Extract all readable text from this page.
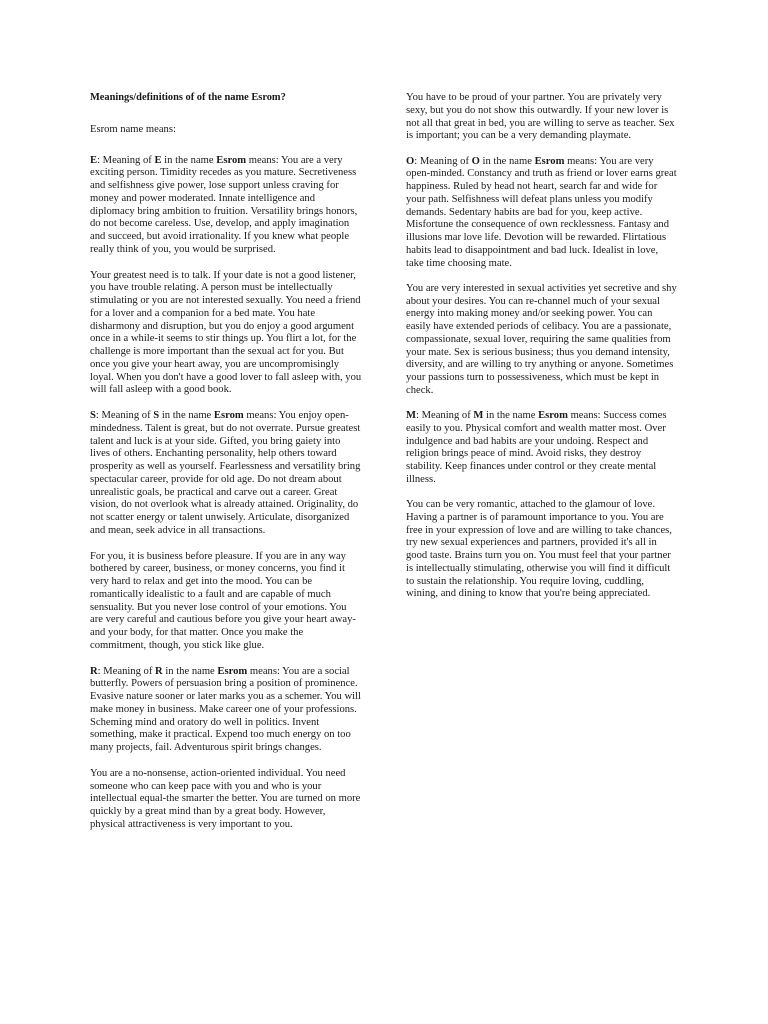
Meanings/definitions of of the name Esrom?

Esrom name means:

E: Meaning of E in the name Esrom means: You are a very exciting person. Timidity recedes as you mature. Secretiveness and selfishness give power, lose support unless craving for money and power moderated. Innate intelligence and diplomacy bring ambition to fruition. Versatility brings honors, do not become careless. Use, develop, and apply imagination and succeed, but avoid irrationality. If you knew what people really think of you, you would be surprised.

Your greatest need is to talk. If your date is not a good listener, you have trouble relating. A person must be intellectually stimulating or you are not interested sexually. You need a friend for a lover and a companion for a bed mate. You hate disharmony and disruption, but you do enjoy a good argument once in a while-it seems to stir things up. You flirt a lot, for the challenge is more important than the sexual act for you. But once you give your heart away, you are uncompromisingly loyal. When you don't have a good lover to fall asleep with, you will fall asleep with a good book.

S: Meaning of S in the name Esrom means: You enjoy open-mindedness. Talent is great, but do not overrate. Pursue greatest talent and luck is at your side. Gifted, you bring gaiety into lives of others. Enchanting personality, help others toward prosperity as well as yourself. Fearlessness and versatility bring spectacular career, provide for old age. Do not dream about unrealistic goals, be practical and carve out a career. Great vision, do not overlook what is already attained. Originality, do not scatter energy or talent unwisely. Articulate, disorganized and mean, seek advice in all transactions.

For you, it is business before pleasure. If you are in any way bothered by career, business, or money concerns, you find it very hard to relax and get into the mood. You can be romantically idealistic to a fault and are capable of much sensuality. But you never lose control of your emotions. You are very careful and cautious before you give your heart away-and your body, for that matter. Once you make the commitment, though, you stick like glue.

R: Meaning of R in the name Esrom means: You are a social butterfly. Powers of persuasion bring a position of prominence. Evasive nature sooner or later marks you as a schemer. You will make money in business. Make career one of your professions. Scheming mind and oratory do well in politics. Invent something, make it practical. Expend too much energy on too many projects, fail. Adventurous spirit brings changes.

You are a no-nonsense, action-oriented individual. You need someone who can keep pace with you and who is your intellectual equal-the smarter the better. You are turned on more quickly by a great mind than by a great body. However, physical attractiveness is very important to you.

You have to be proud of your partner. You are privately very sexy, but you do not show this outwardly. If your new lover is not all that great in bed, you are willing to serve as teacher. Sex is important; you can be a very demanding playmate.

O: Meaning of O in the name Esrom means: You are very open-minded. Constancy and truth as friend or lover earns great happiness. Ruled by head not heart, search far and wide for your path. Selfishness will defeat plans unless you modify demands. Sedentary habits are bad for you, keep active. Misfortune the consequence of own recklessness. Fantasy and illusions mar love life. Devotion will be rewarded. Flirtatious habits lead to disappointment and bad luck. Idealist in love, take time choosing mate.

You are very interested in sexual activities yet secretive and shy about your desires. You can re-channel much of your sexual energy into making money and/or seeking power. You can easily have extended periods of celibacy. You are a passionate, compassionate, sexual lover, requiring the same qualities from your mate. Sex is serious business; thus you demand intensity, diversity, and are willing to try anything or anyone. Sometimes your passions turn to possessiveness, which must be kept in check.

M: Meaning of M in the name Esrom means: Success comes easily to you. Physical comfort and wealth matter most. Over indulgence and bad habits are your undoing. Respect and religion brings peace of mind. Avoid risks, they destroy stability. Keep finances under control or they create mental illness.

You can be very romantic, attached to the glamour of love. Having a partner is of paramount importance to you. You are free in your expression of love and are willing to take chances, try new sexual experiences and partners, provided it's all in good taste. Brains turn you on. You must feel that your partner is intellectually stimulating, otherwise you will find it difficult to sustain the relationship. You require loving, cuddling, wining, and dining to know that you're being appreciated.
